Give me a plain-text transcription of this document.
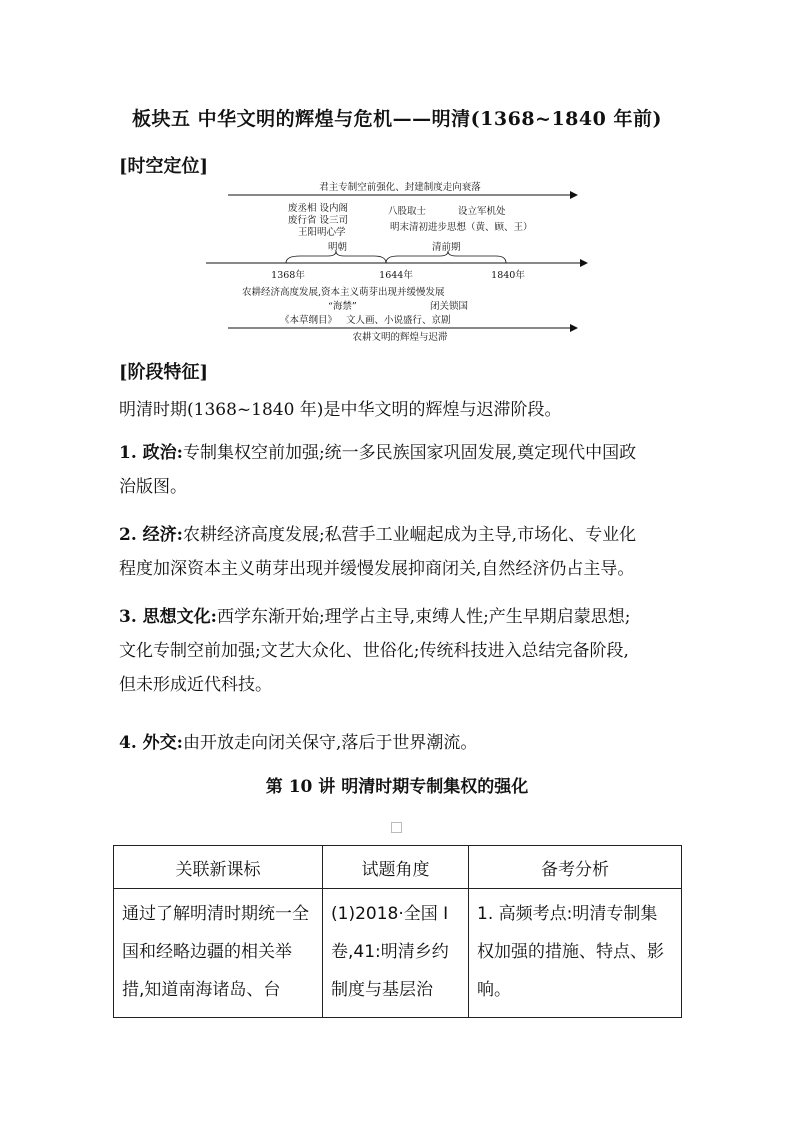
板块五 中华文明的辉煌与危机——明清(1368~1840 年前)
[时空定位]
君主专制空前强化、封建制度走向衰落
废丞相 设内阁
废行省 设三司
王阳明心学
八股取士	设立军机处
明末清初进步思想（黄、顾、王）
明朝	清前期
1368年	1644年	1840年
农耕经济高度发展,资本主义萌芽出现并缓慢发展
“海禁”	闭关锁国
《本草纲目》 文人画、小说盛行、京剧
农耕文明的辉煌与迟滞
[阶段特征]
明清时期(1368~1840 年)是中华文明的辉煌与迟滞阶段。
1. 政治:专制集权空前加强;统一多民族国家巩固发展,奠定现代中国政
治版图。
2. 经济:农耕经济高度发展;私营手工业崛起成为主导,市场化、专业化
程度加深资本主义萌芽出现并缓慢发展抑商闭关,自然经济仍占主导。
3. 思想文化:西学东渐开始;理学占主导,束缚人性;产生早期启蒙思想;
文化专制空前加强;文艺大众化、世俗化;传统科技进入总结完备阶段,
但未形成近代科技。
4. 外交:由开放走向闭关保守,落后于世界潮流。
第 10 讲 明清时期专制集权的强化
关联新课标	试题角度	备考分析
通过了解明清时期统一全国和经略边疆的相关举措,知道南海诸岛、台	(1)2018·全国 Ⅰ 卷,41:明清乡约制度与基层治	1. 高频考点:明清专制集权加强的措施、特点、影响。
